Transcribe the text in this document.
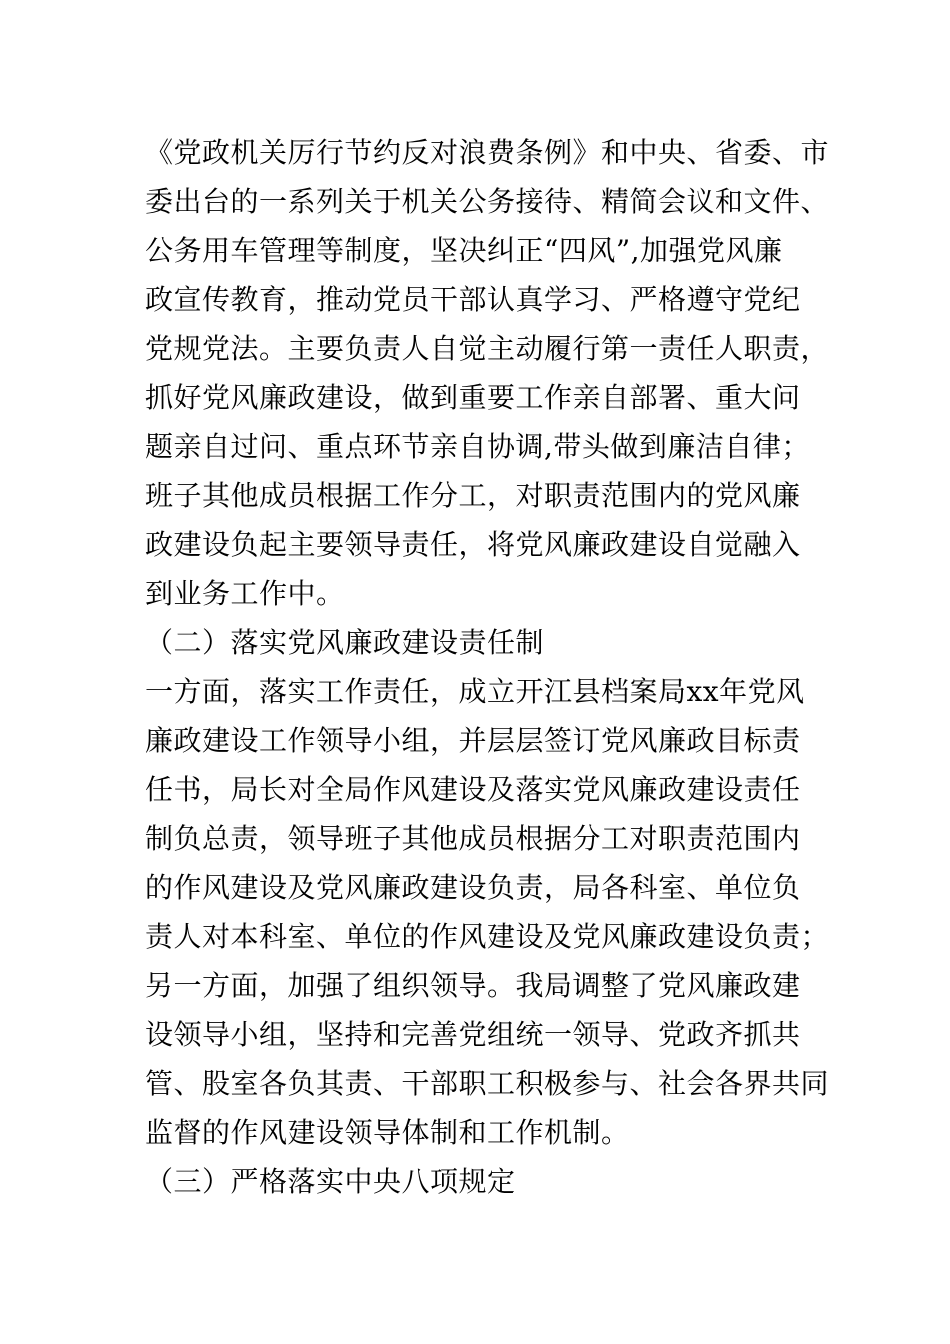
《党政机关厉行节约反对浪费条例》和中央、省委、市
委出台的一系列关于机关公务接待、精简会议和文件、
公务用车管理等制度，坚决纠正“四风”,加强党风廉
政宣传教育，推动党员干部认真学习、严格遵守党纪
党规党法。主要负责人自觉主动履行第一责任人职责，
抓好党风廉政建设，做到重要工作亲自部署、重大问
题亲自过问、重点环节亲自协调,带头做到廉洁自律；
班子其他成员根据工作分工，对职责范围内的党风廉
政建设负起主要领导责任，将党风廉政建设自觉融入
到业务工作中。
（二）落实党风廉政建设责任制
一方面，落实工作责任，成立开江县档案局xx年党风
廉政建设工作领导小组，并层层签订党风廉政目标责
任书，局长对全局作风建设及落实党风廉政建设责任
制负总责，领导班子其他成员根据分工对职责范围内
的作风建设及党风廉政建设负责，局各科室、单位负
责人对本科室、单位的作风建设及党风廉政建设负责；
另一方面，加强了组织领导。我局调整了党风廉政建
设领导小组，坚持和完善党组统一领导、党政齐抓共
管、股室各负其责、干部职工积极参与、社会各界共同
监督的作风建设领导体制和工作机制。
（三）严格落实中央八项规定
